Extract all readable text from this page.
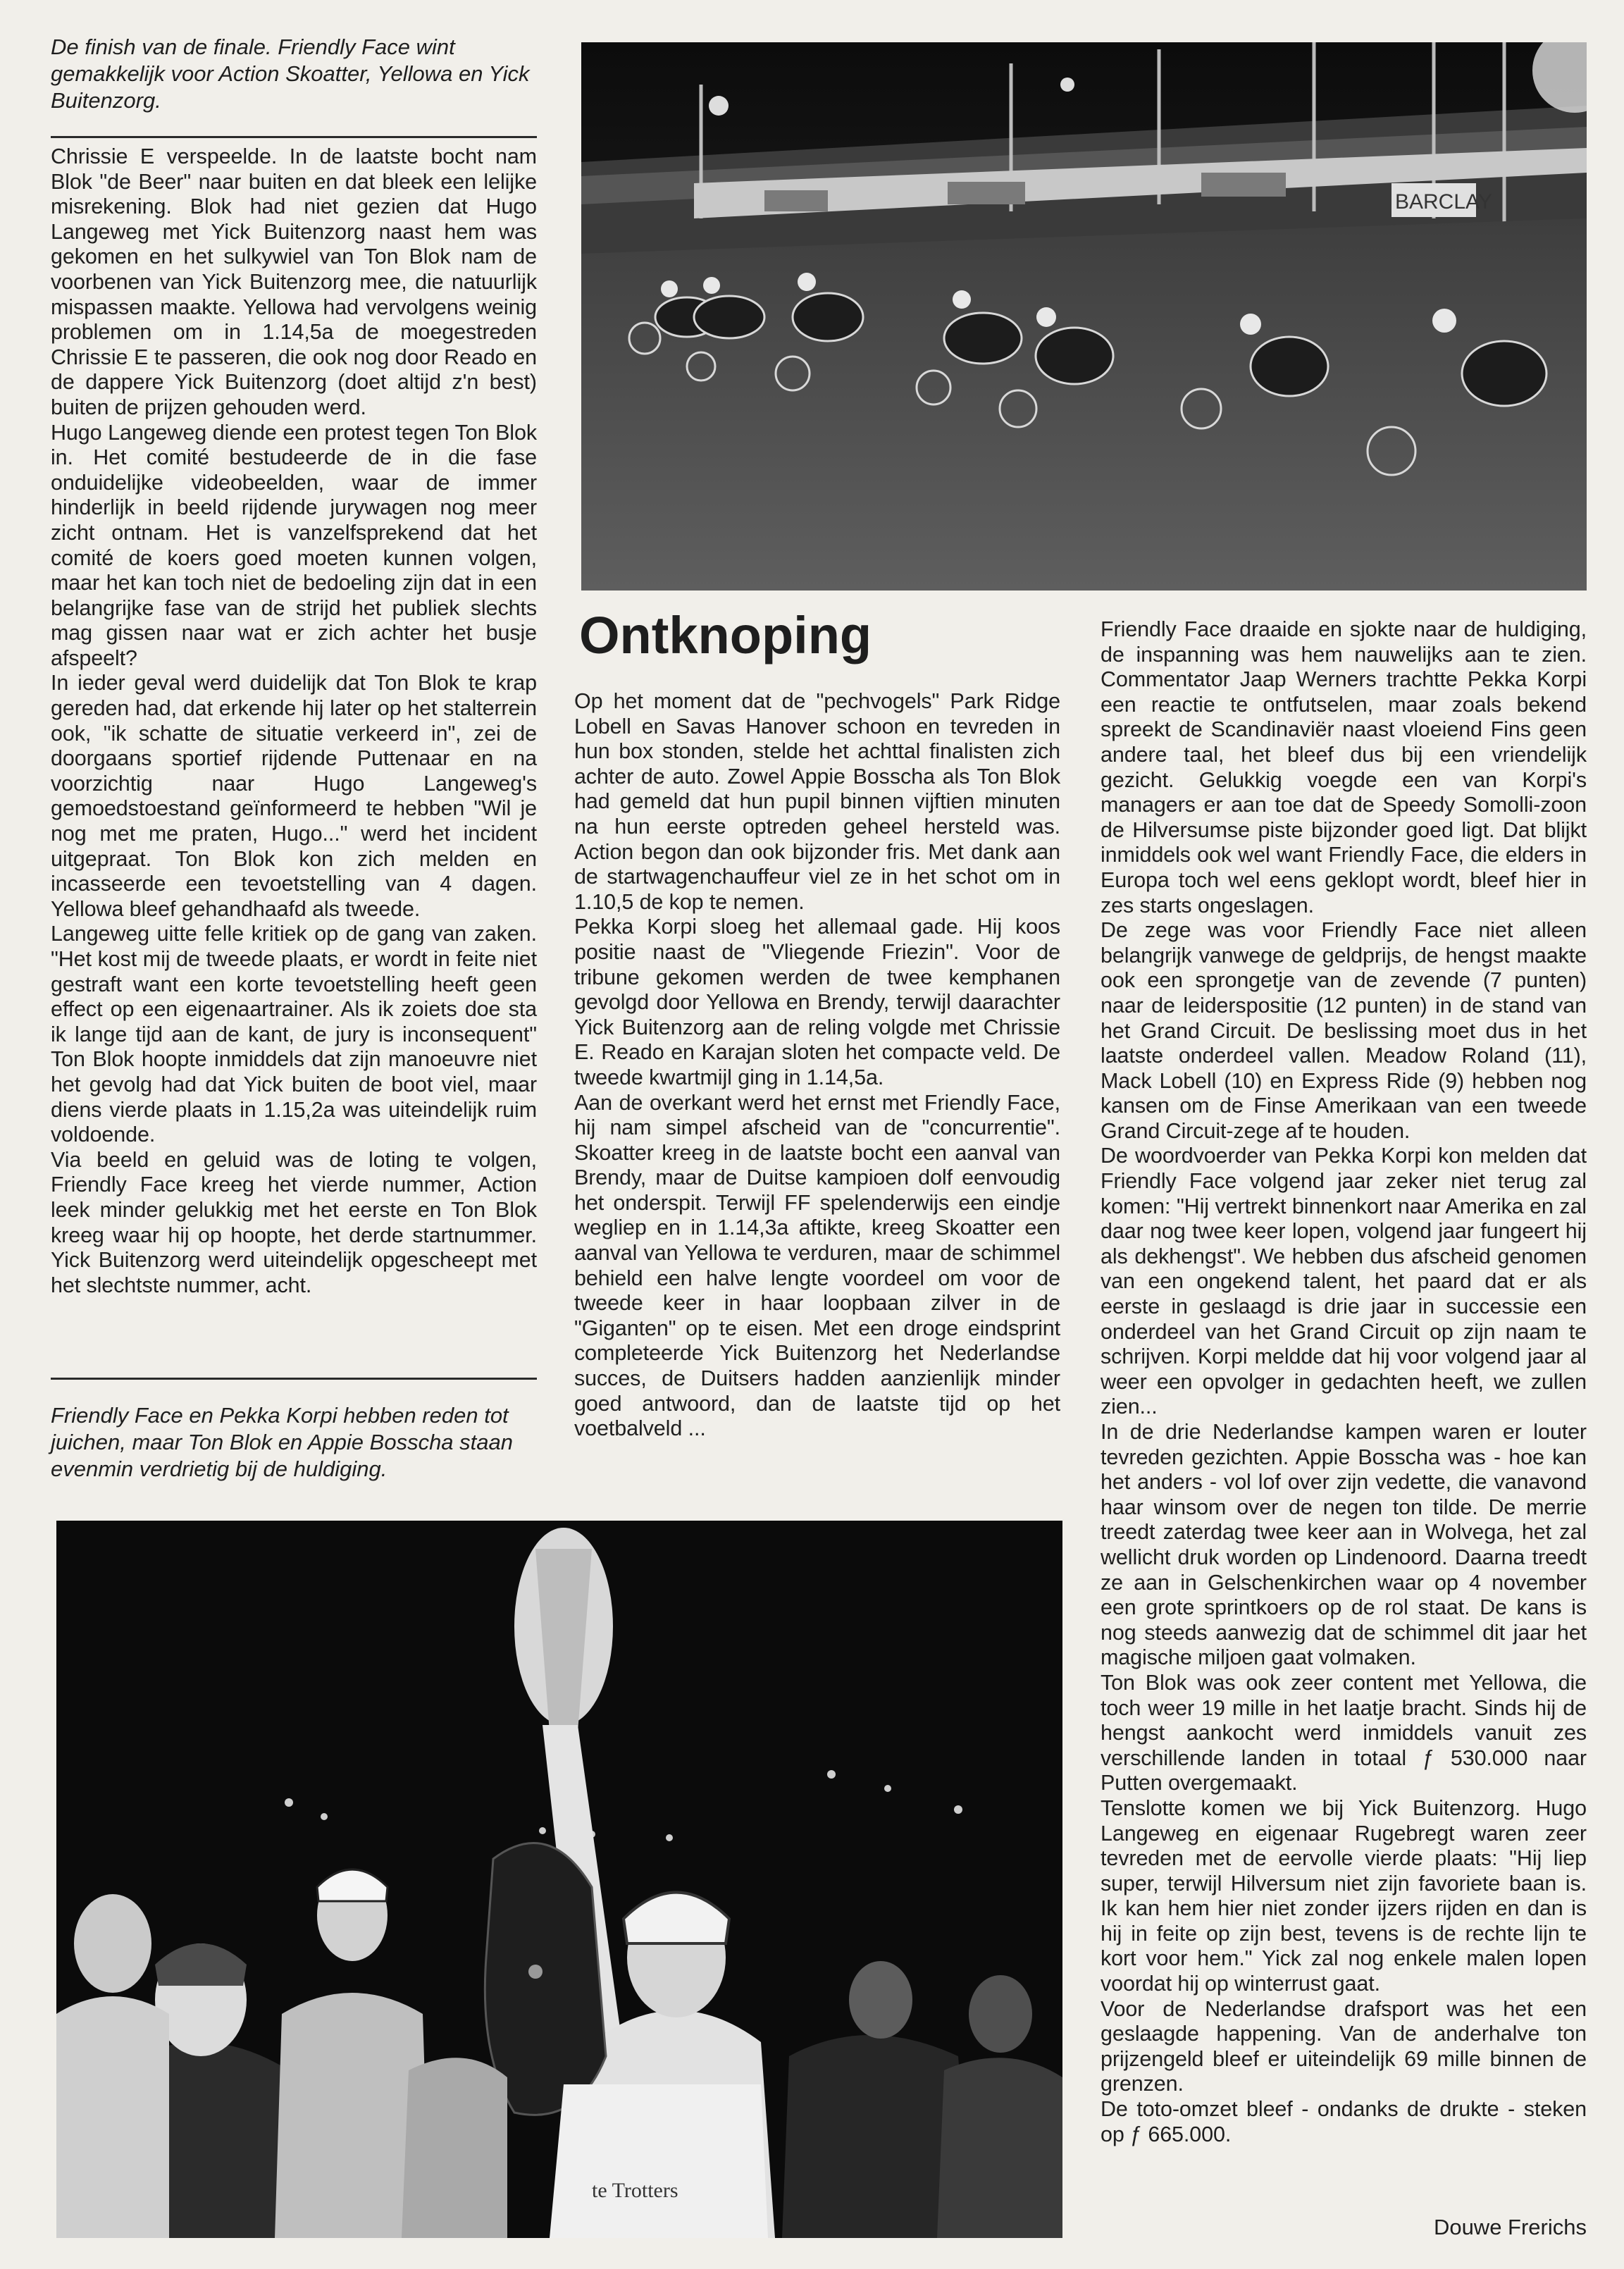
De finish van de finale. Friendly Face wint gemakkelijk voor Action Skoatter, Yellowa en Yick Buitenzorg.

Chrissie E verspeelde. In de laatste bocht nam Blok "de Beer" naar buiten en dat bleek een lelijke misrekening. Blok had niet gezien dat Hugo Langeweg met Yick Buitenzorg naast hem was gekomen en het sulkywiel van Ton Blok nam de voorbenen van Yick Buitenzorg mee, die natuurlijk mispassen maakte. Yellowa had vervolgens weinig problemen om in 1.14,5a de moegestreden Chrissie E te passeren, die ook nog door Reado en de dappere Yick Buitenzorg (doet altijd z'n best) buiten de prijzen gehouden werd.

Hugo Langeweg diende een protest tegen Ton Blok in. Het comité bestudeerde de in die fase onduidelijke videobeelden, waar de immer hinderlijk in beeld rijdende jurywagen nog meer zicht ontnam. Het is vanzelfsprekend dat het comité de koers goed moeten kunnen volgen, maar het kan toch niet de bedoeling zijn dat in een belangrijke fase van de strijd het publiek slechts mag gissen naar wat er zich achter het busje afspeelt?

In ieder geval werd duidelijk dat Ton Blok te krap gereden had, dat erkende hij later op het stalterrein ook, "ik schatte de situatie verkeerd in", zei de doorgaans sportief rijdende Puttenaar en na voorzichtig naar Hugo Langeweg's gemoedstoestand geïnformeerd te hebben "Wil je nog met me praten, Hugo..." werd het incident uitgepraat. Ton Blok kon zich melden en incasseerde een tevoetstelling van 4 dagen. Yellowa bleef gehandhaafd als tweede.

Langeweg uitte felle kritiek op de gang van zaken. "Het kost mij de tweede plaats, er wordt in feite niet gestraft want een korte tevoetstelling heeft geen effect op een eigenaartrainer. Als ik zoiets doe sta ik lange tijd aan de kant, de jury is inconsequent" Ton Blok hoopte inmiddels dat zijn manoeuvre niet het gevolg had dat Yick buiten de boot viel, maar diens vierde plaats in 1.15,2a was uiteindelijk ruim voldoende.

Via beeld en geluid was de loting te volgen, Friendly Face kreeg het vierde nummer, Action leek minder gelukkig met het eerste en Ton Blok kreeg waar hij op hoopte, het derde startnummer. Yick Buitenzorg werd uiteindelijk opgescheept met het slechtste nummer, acht.

Friendly Face en Pekka Korpi hebben reden tot juichen, maar Ton Blok en Appie Bosscha staan evenmin verdrietig bij de huldiging.

BARCLAY
Ontknoping

Op het moment dat de "pechvogels" Park Ridge Lobell en Savas Hanover schoon en tevreden in hun box stonden, stelde het achttal finalisten zich achter de auto. Zowel Appie Bosscha als Ton Blok had gemeld dat hun pupil binnen vijftien minuten na hun eerste optreden geheel hersteld was. Action begon dan ook bijzonder fris. Met dank aan de startwagenchauffeur viel ze in het schot om in 1.10,5 de kop te nemen.

Pekka Korpi sloeg het allemaal gade. Hij koos positie naast de "Vliegende Friezin". Voor de tribune gekomen werden de twee kemphanen gevolgd door Yellowa en Brendy, terwijl daarachter Yick Buitenzorg aan de reling volgde met Chrissie E. Reado en Karajan sloten het compacte veld. De tweede kwartmijl ging in 1.14,5a.

Aan de overkant werd het ernst met Friendly Face, hij nam simpel afscheid van de "concurrentie". Skoatter kreeg in de laatste bocht een aanval van Brendy, maar de Duitse kampioen dolf eenvoudig het onderspit. Terwijl FF spelenderwijs een eindje wegliep en in 1.14,3a aftikte, kreeg Skoatter een aanval van Yellowa te verduren, maar de schimmel behield een halve lengte voordeel om voor de tweede keer in haar loopbaan zilver in de "Giganten" op te eisen. Met een droge eindsprint completeerde Yick Buitenzorg het Nederlandse succes, de Duitsers hadden aanzienlijk minder goed antwoord, dan de laatste tijd op het voetbalveld ...

Friendly Face draaide en sjokte naar de huldiging, de inspanning was hem nauwelijks aan te zien. Commentator Jaap Werners trachtte Pekka Korpi een reactie te ontfutselen, maar zoals bekend spreekt de Scandinaviër naast vloeiend Fins geen andere taal, het bleef dus bij een vriendelijk gezicht. Gelukkig voegde een van Korpi's managers er aan toe dat de Speedy Somolli-zoon de Hilversumse piste bijzonder goed ligt. Dat blijkt inmiddels ook wel want Friendly Face, die elders in Europa toch wel eens geklopt wordt, bleef hier in zes starts ongeslagen.

De zege was voor Friendly Face niet alleen belangrijk vanwege de geldprijs, de hengst maakte ook een sprongetje van de zevende (7 punten) naar de leiderspositie (12 punten) in de stand van het Grand Circuit. De beslissing moet dus in het laatste onderdeel vallen. Meadow Roland (11), Mack Lobell (10) en Express Ride (9) hebben nog kansen om de Finse Amerikaan van een tweede Grand Circuit-zege af te houden.

De woordvoerder van Pekka Korpi kon melden dat Friendly Face volgend jaar zeker niet terug zal komen: "Hij vertrekt binnenkort naar Amerika en zal daar nog twee keer lopen, volgend jaar fungeert hij als dekhengst". We hebben dus afscheid genomen van een ongekend talent, het paard dat er als eerste in geslaagd is drie jaar in successie een onderdeel van het Grand Circuit op zijn naam te schrijven. Korpi meldde dat hij voor volgend jaar al weer een opvolger in gedachten heeft, we zullen zien...

In de drie Nederlandse kampen waren er louter tevreden gezichten. Appie Bosscha was - hoe kan het anders - vol lof over zijn vedette, die vanavond haar winsom over de negen ton tilde. De merrie treedt zaterdag twee keer aan in Wolvega, het zal wellicht druk worden op Lindenoord. Daarna treedt ze aan in Gelschenkirchen waar op 4 november een grote sprintkoers op de rol staat. De kans is nog steeds aanwezig dat de schimmel dit jaar het magische miljoen gaat volmaken.

Ton Blok was ook zeer content met Yellowa, die toch weer 19 mille in het laatje bracht. Sinds hij de hengst aankocht werd inmiddels vanuit zes verschillende landen in totaal ƒ 530.000 naar Putten overgemaakt.

Tenslotte komen we bij Yick Buitenzorg. Hugo Langeweg en eigenaar Rugebregt waren zeer tevreden met de eervolle vierde plaats: "Hij liep super, terwijl Hilversum niet zijn favoriete baan is. Ik kan hem hier niet zonder ijzers rijden en dan is hij in feite op zijn best, tevens is de rechte lijn te kort voor hem." Yick zal nog enkele malen lopen voordat hij op winterrust gaat.

Voor de Nederlandse drafsport was het een geslaagde happening. Van de anderhalve ton prijzengeld bleef er uiteindelijk 69 mille binnen de grenzen.

De toto-omzet bleef - ondanks de drukte - steken op ƒ 665.000.

Douwe Frerichs

te Trotters
